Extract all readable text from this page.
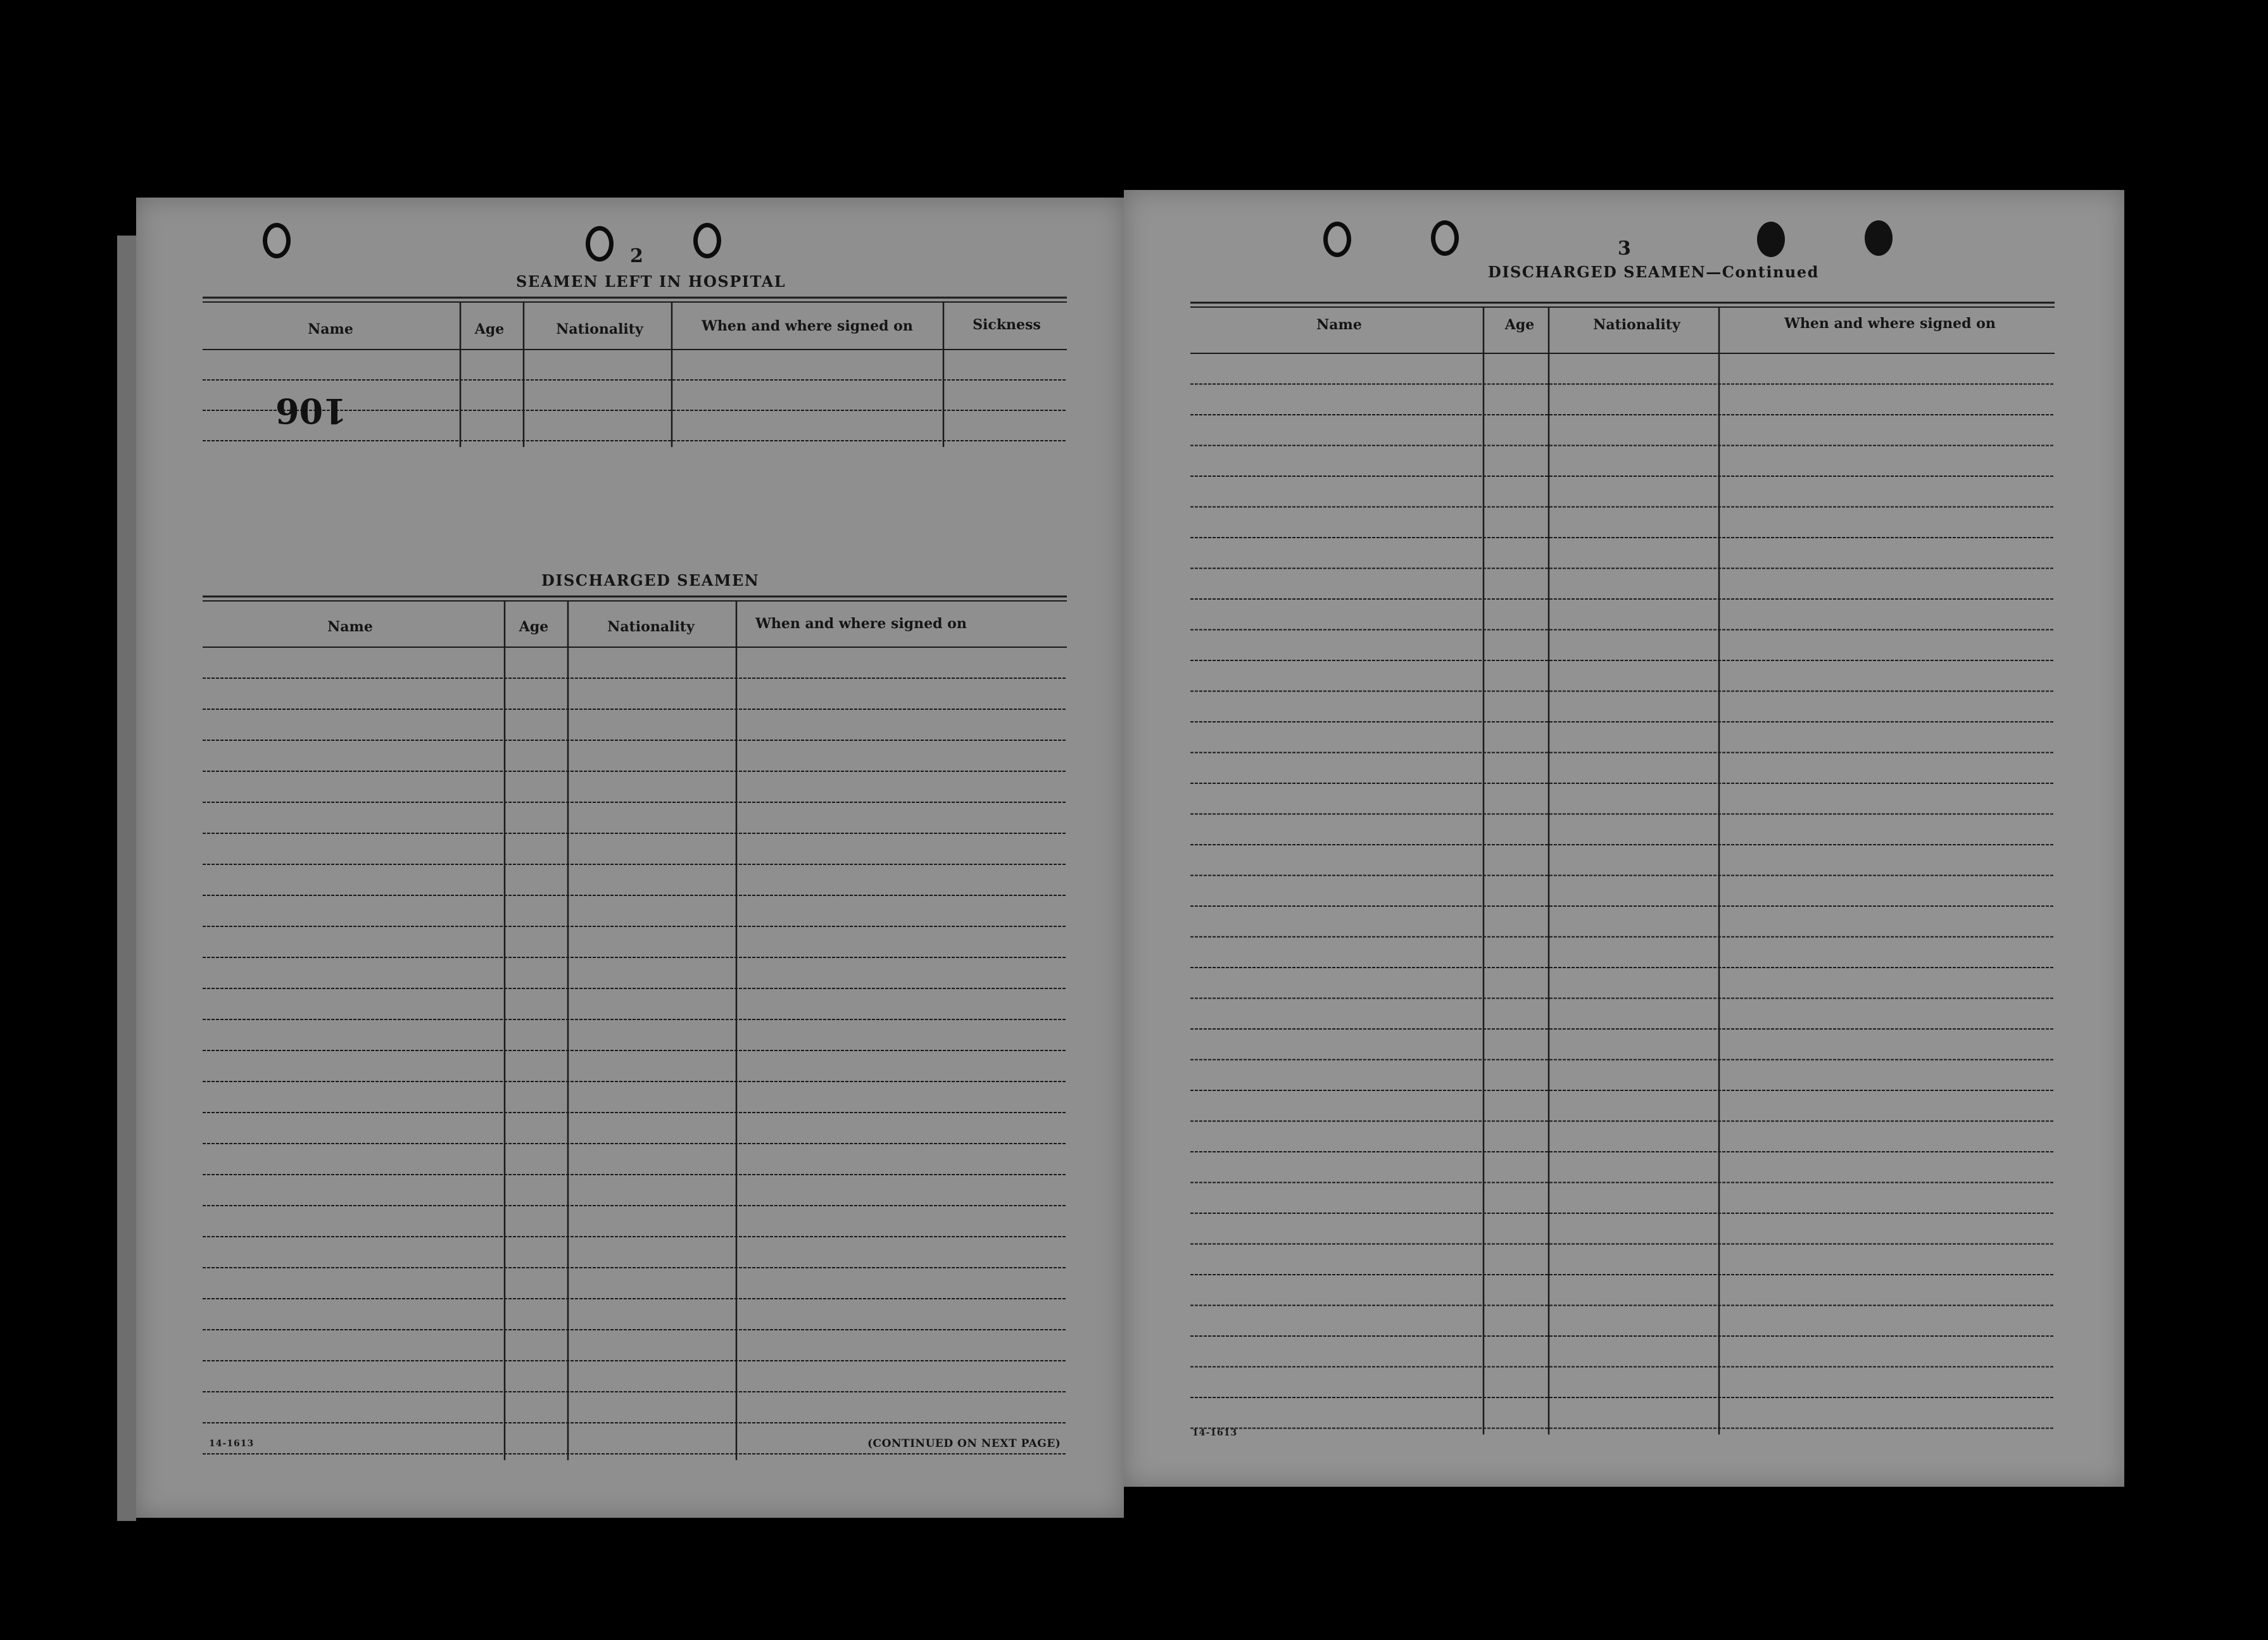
2
SEAMEN LEFT IN HOSPITAL
Name	Age	Nationality	When and where signed on	Sickness
106
DISCHARGED SEAMEN
Name	Age	Nationality	When and where signed on
14-1613	(CONTINUED ON NEXT PAGE)
3
DISCHARGED SEAMEN—Continued
Name	Age	Nationality	When and where signed on
14-1613
